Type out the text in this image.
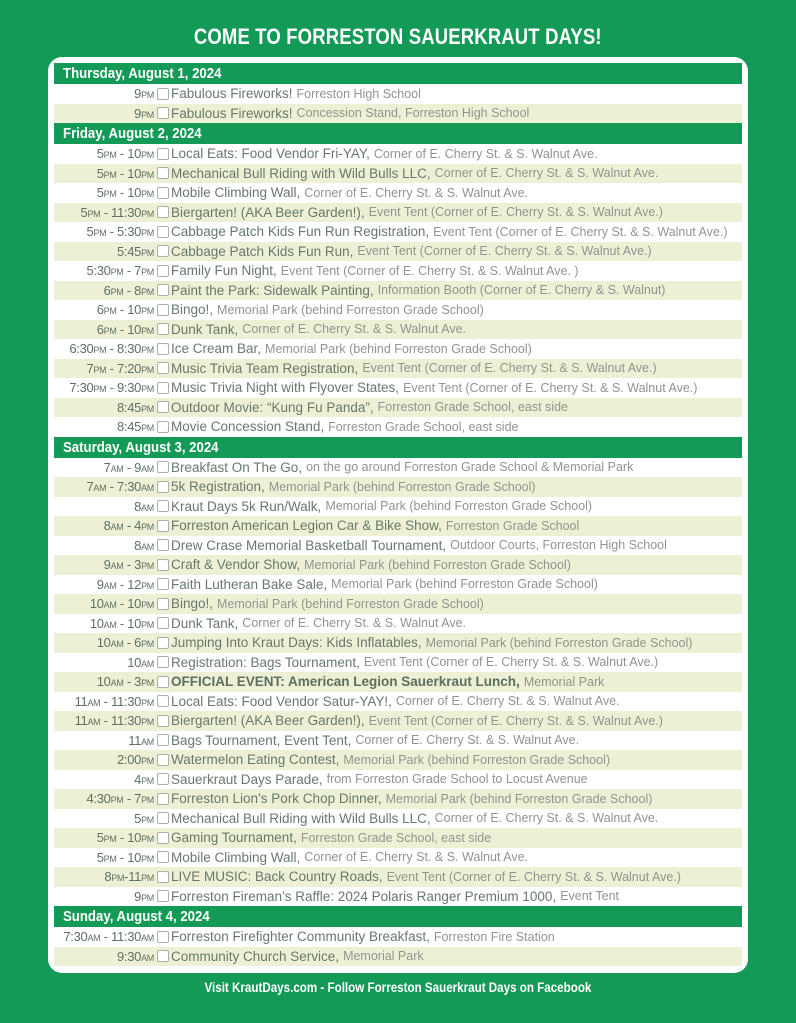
COME TO FORRESTON SAUERKRAUT DAYS!
Thursday, August 1, 2024
9pm Fabulous Fireworks! Forreston High School
9pm Fabulous Fireworks! Concession Stand, Forreston High School
Friday, August 2, 2024
5pm - 10pm Local Eats: Food Vendor Fri-YAY, Corner of E. Cherry St. & S. Walnut Ave.
5pm - 10pm Mechanical Bull Riding with Wild Bulls LLC, Corner of E. Cherry St. & S. Walnut Ave.
5pm - 10pm Mobile Climbing Wall, Corner of E. Cherry St. & S. Walnut Ave.
5pm - 11:30pm Biergarten! (AKA Beer Garden!), Event Tent (Corner of E. Cherry St. & S. Walnut Ave.)
5pm - 5:30pm Cabbage Patch Kids Fun Run Registration, Event Tent (Corner of E. Cherry St. & S. Walnut Ave.)
5:45pm Cabbage Patch Kids Fun Run, Event Tent (Corner of E. Cherry St. & S. Walnut Ave.)
5:30pm - 7pm Family Fun Night, Event Tent (Corner of E. Cherry St. & S. Walnut Ave. )
6pm - 8pm Paint the Park: Sidewalk Painting, Information Booth (Corner of E. Cherry & S. Walnut)
6pm - 10pm Bingo!, Memorial Park (behind Forreston Grade School)
6pm - 10pm Dunk Tank, Corner of E. Cherry St. & S. Walnut Ave.
6:30pm - 8:30pm Ice Cream Bar, Memorial Park (behind Forreston Grade School)
7pm - 7:20pm Music Trivia Team Registration, Event Tent (Corner of E. Cherry St. & S. Walnut Ave.)
7:30pm - 9:30pm Music Trivia Night with Flyover States, Event Tent (Corner of E. Cherry St. & S. Walnut Ave.)
8:45pm Outdoor Movie: “Kung Fu Panda”, Forreston Grade School, east side
8:45pm Movie Concession Stand, Forreston Grade School, east side
Saturday, August 3, 2024
7am - 9am Breakfast On The Go, on the go around Forreston Grade School & Memorial Park
7am - 7:30am 5k Registration, Memorial Park (behind Forreston Grade School)
8am Kraut Days 5k Run/Walk, Memorial Park (behind Forreston Grade School)
8am - 4pm Forreston American Legion Car & Bike Show, Forreston Grade School
8am Drew Crase Memorial Basketball Tournament, Outdoor Courts, Forreston High School
9am - 3pm Craft & Vendor Show, Memorial Park (behind Forreston Grade School)
9am - 12pm Faith Lutheran Bake Sale, Memorial Park (behind Forreston Grade School)
10am - 10pm Bingo!, Memorial Park (behind Forreston Grade School)
10am - 10pm Dunk Tank, Corner of E. Cherry St. & S. Walnut Ave.
10am - 6pm Jumping Into Kraut Days: Kids Inflatables, Memorial Park (behind Forreston Grade School)
10am Registration: Bags Tournament, Event Tent (Corner of E. Cherry St. & S. Walnut Ave.)
10am - 3pm OFFICIAL EVENT: American Legion Sauerkraut Lunch, Memorial Park
11am - 11:30pm Local Eats: Food Vendor Satur-YAY!, Corner of E. Cherry St. & S. Walnut Ave.
11am - 11:30pm Biergarten! (AKA Beer Garden!), Event Tent (Corner of E. Cherry St. & S. Walnut Ave.)
11am Bags Tournament, Event Tent, Corner of E. Cherry St. & S. Walnut Ave.
2:00pm Watermelon Eating Contest, Memorial Park (behind Forreston Grade School)
4pm Sauerkraut Days Parade, from Forreston Grade School to Locust Avenue
4:30pm - 7pm Forreston Lion’s Pork Chop Dinner, Memorial Park (behind Forreston Grade School)
5pm Mechanical Bull Riding with Wild Bulls LLC, Corner of E. Cherry St. & S. Walnut Ave.
5pm - 10pm Gaming Tournament, Forreston Grade School, east side
5pm - 10pm Mobile Climbing Wall, Corner of E. Cherry St. & S. Walnut Ave.
8pm-11pm LIVE MUSIC: Back Country Roads, Event Tent (Corner of E. Cherry St. & S. Walnut Ave.)
9pm Forreston Fireman’s Raffle: 2024 Polaris Ranger Premium 1000, Event Tent
Sunday, August 4, 2024
7:30am - 11:30am Forreston Firefighter Community Breakfast, Forreston Fire Station
9:30am Community Church Service, Memorial Park
Visit KrautDays.com - Follow Forreston Sauerkraut Days on Facebook
